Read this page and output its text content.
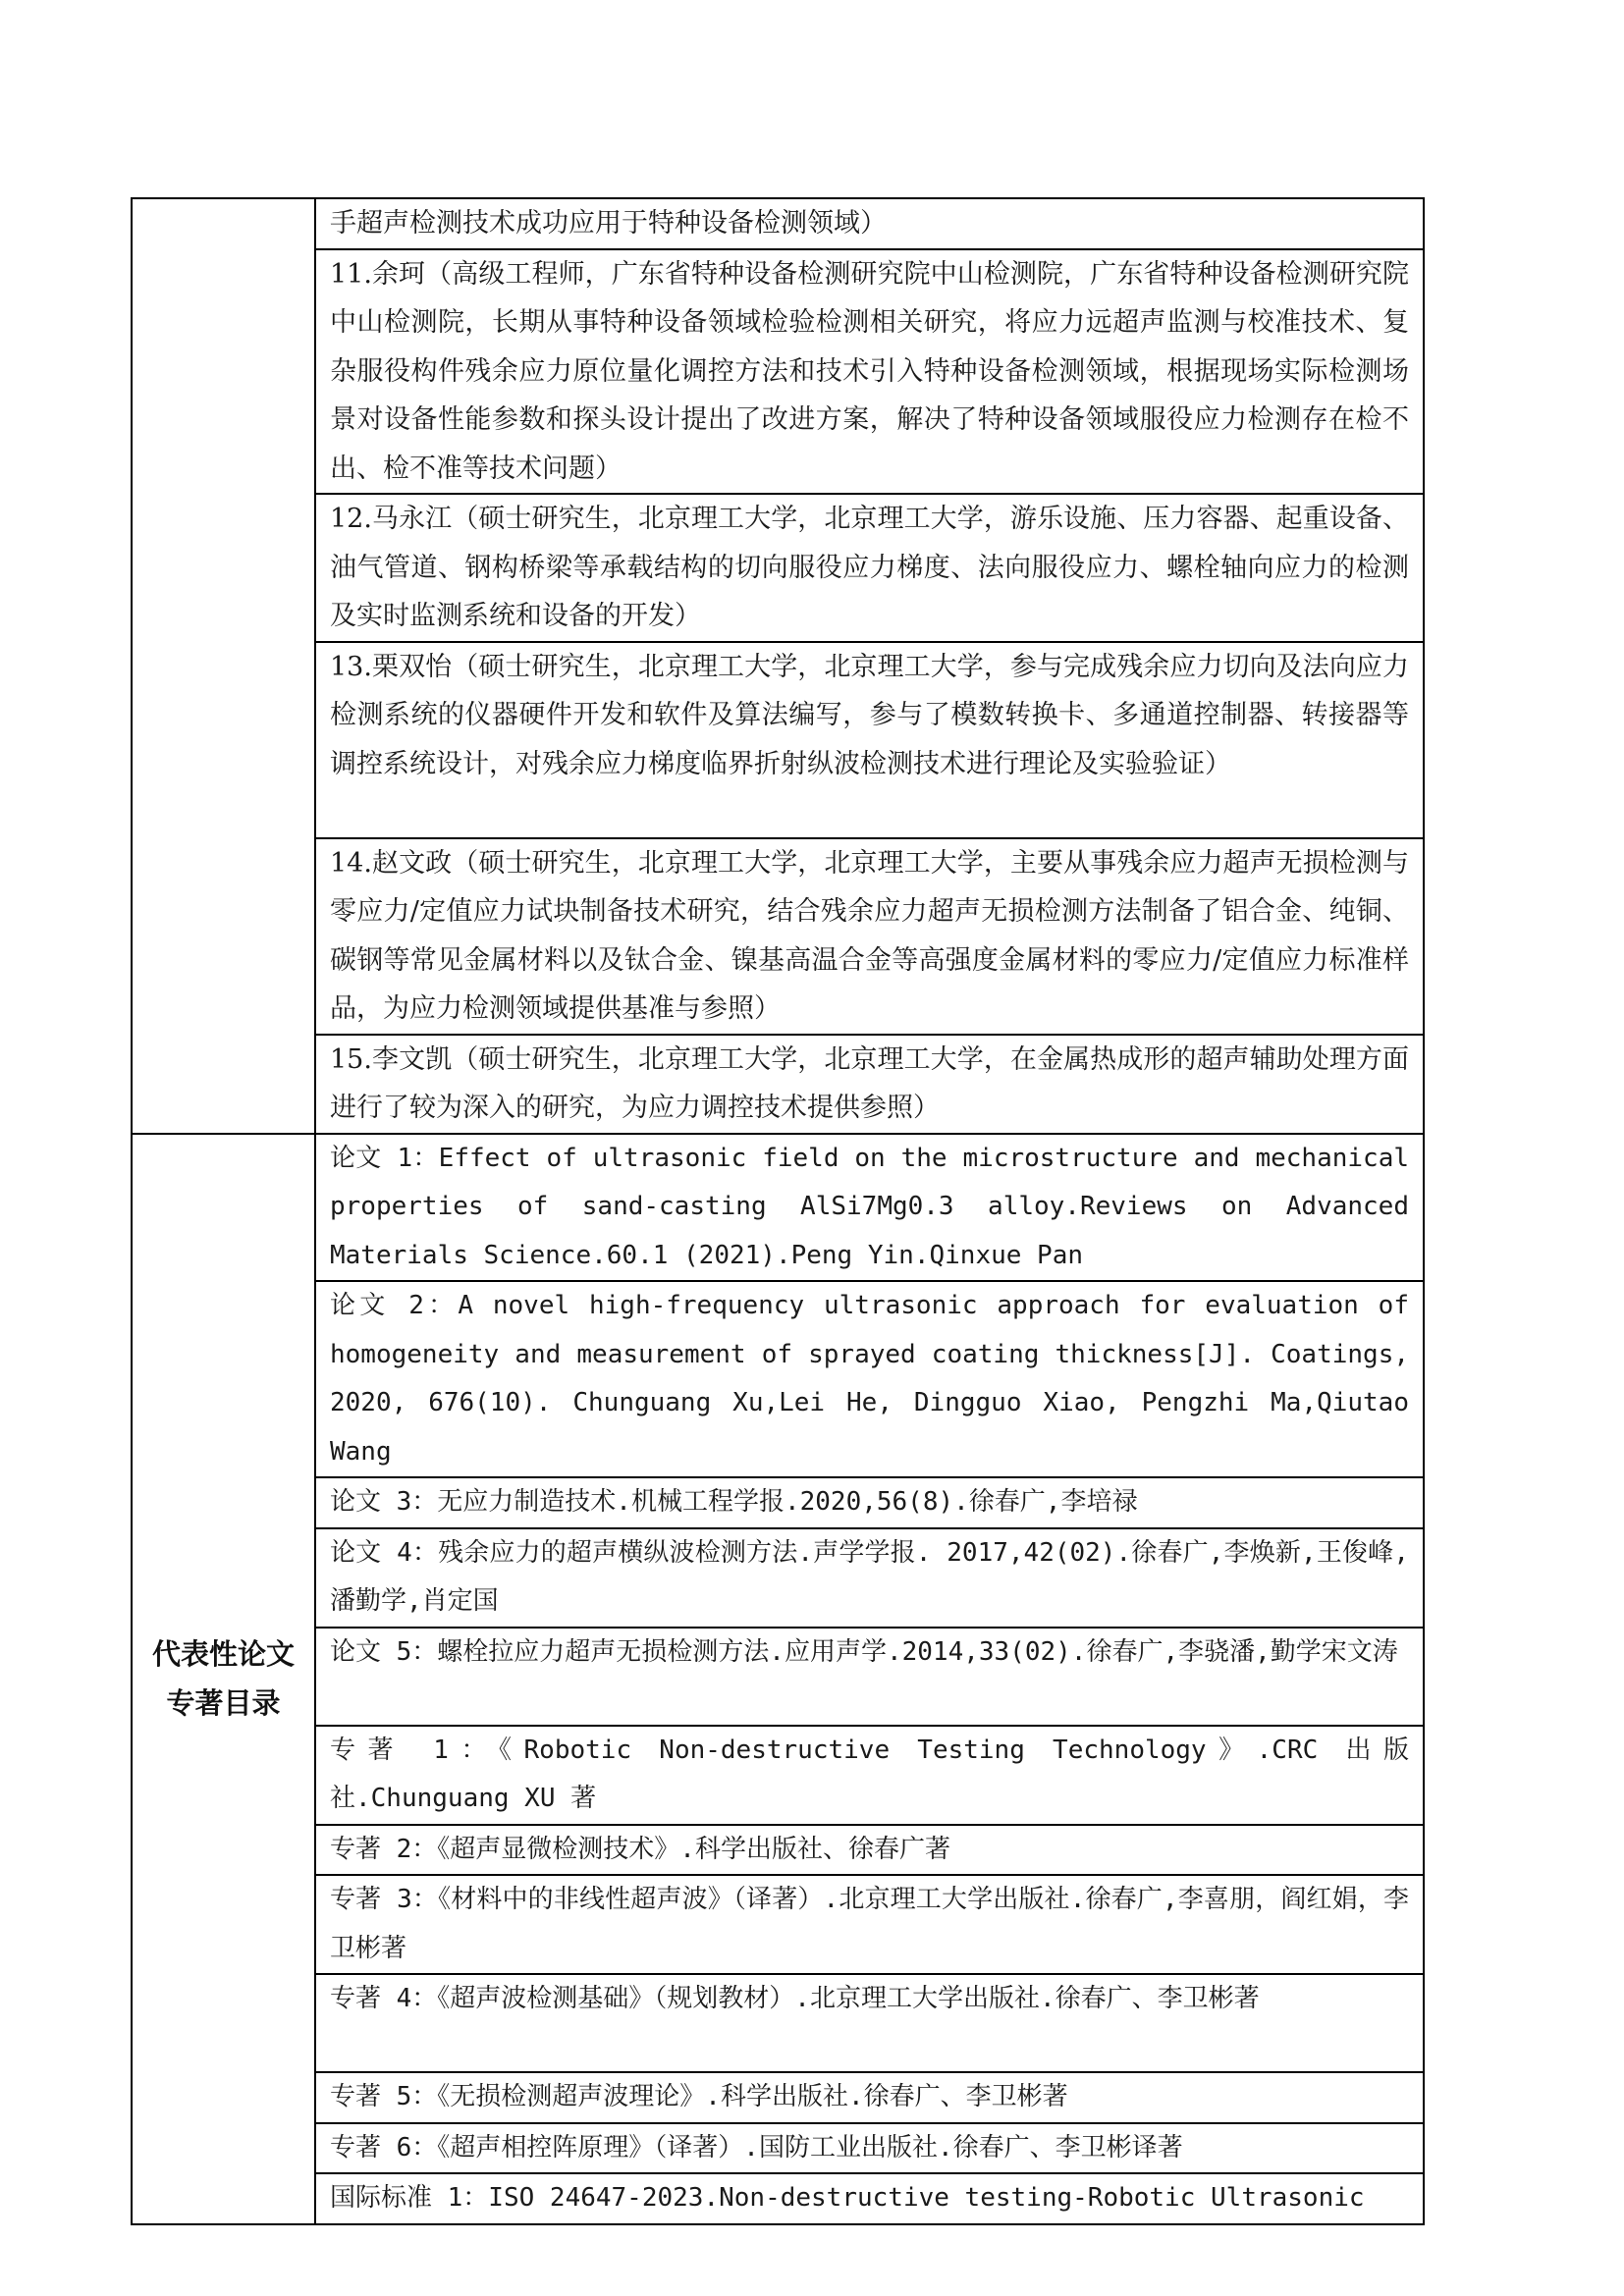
	手超声检测技术成功应用于特种设备检测领域）
	11.余珂（高级工程师，广东省特种设备检测研究院中山检测院，广东省特种设备检测研究院中山检测院，长期从事特种设备领域检验检测相关研究，将应力远超声监测与校准技术、复杂服役构件残余应力原位量化调控方法和技术引入特种设备检测领域，根据现场实际检测场景对设备性能参数和探头设计提出了改进方案，解决了特种设备领域服役应力检测存在检不出、检不准等技术问题）
	12.马永江（硕士研究生，北京理工大学，北京理工大学，游乐设施、压力容器、起重设备、油气管道、钢构桥梁等承载结构的切向服役应力梯度、法向服役应力、螺栓轴向应力的检测及实时监测系统和设备的开发）
	13.栗双怡（硕士研究生，北京理工大学，北京理工大学，参与完成残余应力切向及法向应力检测系统的仪器硬件开发和软件及算法编写，参与了模数转换卡、多通道控制器、转接器等调控系统设计，对残余应力梯度临界折射纵波检测技术进行理论及实验验证）
	14.赵文政（硕士研究生，北京理工大学，北京理工大学，主要从事残余应力超声无损检测与零应力/定值应力试块制备技术研究，结合残余应力超声无损检测方法制备了铝合金、纯铜、碳钢等常见金属材料以及钛合金、镍基高温合金等高强度金属材料的零应力/定值应力标准样品，为应力检测领域提供基准与参照）
	15.李文凯（硕士研究生，北京理工大学，北京理工大学，在金属热成形的超声辅助处理方面进行了较为深入的研究，为应力调控技术提供参照）

代表性论文
专著目录	论文 1：Effect of ultrasonic field on the microstructure and mechanical properties of sand-casting AlSi7Mg0.3 alloy.Reviews on Advanced Materials Science.60.1 (2021).Peng Yin.Qinxue Pan
	论文 2：A novel high-frequency ultrasonic approach for evaluation of homogeneity and measurement of sprayed coating thickness[J]. Coatings, 2020, 676(10). Chunguang Xu,Lei He, Dingguo Xiao, Pengzhi Ma,Qiutao Wang
	论文 3：无应力制造技术.机械工程学报.2020,56(8).徐春广,李培禄
	论文 4：残余应力的超声横纵波检测方法.声学学报. 2017,42(02).徐春广,李焕新,王俊峰,潘勤学,肖定国
	论文 5：螺栓拉应力超声无损检测方法.应用声学.2014,33(02).徐春广,李骁潘,勤学宋文涛
	专著 1：《Robotic Non-destructive Testing Technology》.CRC 出版社.Chunguang XU 著
	专著 2：《超声显微检测技术》.科学出版社、徐春广著
	专著 3：《材料中的非线性超声波》（译著）.北京理工大学出版社.徐春广,李喜朋，阎红娟，李卫彬著
	专著 4：《超声波检测基础》（规划教材）.北京理工大学出版社.徐春广、李卫彬著
	专著 5：《无损检测超声波理论》.科学出版社.徐春广、李卫彬著
	专著 6：《超声相控阵原理》（译著）.国防工业出版社.徐春广、李卫彬译著
	国际标准 1：ISO 24647-2023.Non-destructive testing-Robotic Ultrasonic
